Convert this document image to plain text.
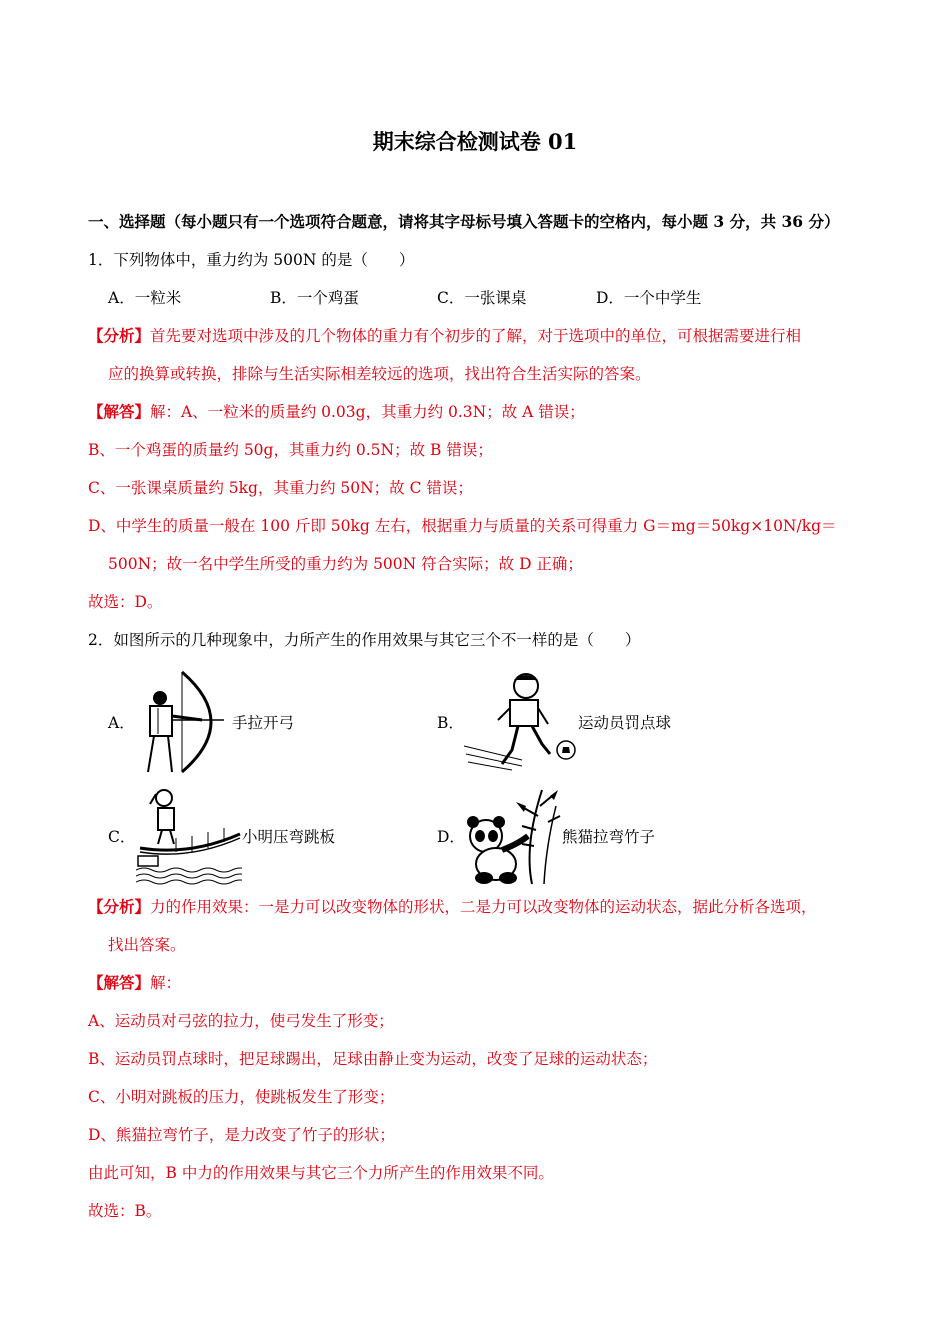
期末综合检测试卷 01
一、选择题（每小题只有一个选项符合题意，请将其字母标号填入答题卡的空格内，每小题 3 分，共 36 分）
1．下列物体中，重力约为 500N 的是（　　）
A．一粒米	B．一个鸡蛋	C．一张课桌	D．一个中学生
【分析】首先要对选项中涉及的几个物体的重力有个初步的了解，对于选项中的单位，可根据需要进行相
应的换算或转换，排除与生活实际相差较远的选项，找出符合生活实际的答案。
【解答】解：A、一粒米的质量约 0.03g，其重力约 0.3N；故 A 错误；
B、一个鸡蛋的质量约 50g，其重力约 0.5N；故 B 错误；
C、一张课桌质量约 5kg，其重力约 50N；故 C 错误；
D、中学生的质量一般在 100 斤即 50kg 左右，根据重力与质量的关系可得重力 G＝mg＝50kg×10N/kg＝
500N；故一名中学生所受的重力约为 500N 符合实际；故 D 正确；
故选：D。
2．如图所示的几种现象中，力所产生的作用效果与其它三个不一样的是（　　）
A．	手拉开弓	B．	运动员罚点球
C．	小明压弯跳板	D．	熊猫拉弯竹子
【分析】力的作用效果：一是力可以改变物体的形状，二是力可以改变物体的运动状态，据此分析各选项，
找出答案。
【解答】解：
A、运动员对弓弦的拉力，使弓发生了形变；
B、运动员罚点球时，把足球踢出，足球由静止变为运动，改变了足球的运动状态；
C、小明对跳板的压力，使跳板发生了形变；
D、熊猫拉弯竹子，是力改变了竹子的形状；
由此可知，B 中力的作用效果与其它三个力所产生的作用效果不同。
故选：B。
